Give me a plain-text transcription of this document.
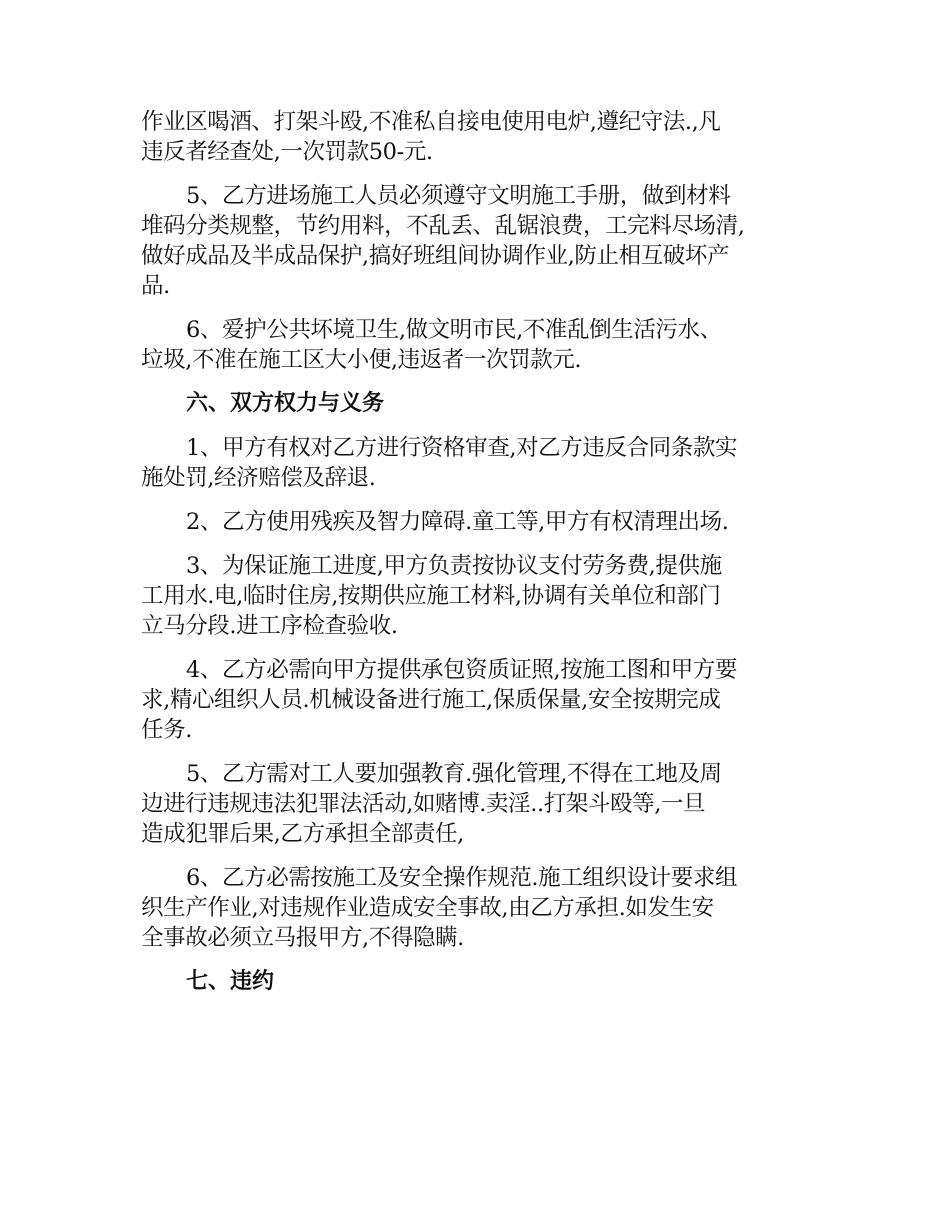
作业区喝酒、打架斗殴,不准私自接电使用电炉,遵纪守法.,凡
违反者经查处,一次罚款50-元.

5、乙方进场施工人员必须遵守文明施工手册，做到材料
堆码分类规整，节约用料，不乱丢、乱锯浪费，工完料尽场清,
做好成品及半成品保护,搞好班组间协调作业,防止相互破坏产
品.

6、爱护公共坏境卫生,做文明市民,不准乱倒生活污水、
垃圾,不准在施工区大小便,违返者一次罚款元.

六、双方权力与义务

1、甲方有权对乙方进行资格审查,对乙方违反合同条款实
施处罚,经济赔偿及辞退.

2、乙方使用残疾及智力障碍.童工等,甲方有权清理出场.

3、为保证施工进度,甲方负责按协议支付劳务费,提供施
工用水.电,临时住房,按期供应施工材料,协调有关单位和部门
立马分段.进工序检查验收.

4、乙方必需向甲方提供承包资质证照,按施工图和甲方要
求,精心组织人员.机械设备进行施工,保质保量,安全按期完成
任务.

5、乙方需对工人要加强教育.强化管理,不得在工地及周
边进行违规违法犯罪法活动,如赌博.卖淫..打架斗殴等,一旦
造成犯罪后果,乙方承担全部责任,

6、乙方必需按施工及安全操作规范.施工组织设计要求组
织生产作业,对违规作业造成安全事故,由乙方承担.如发生安
全事故必须立马报甲方,不得隐瞒.

七、违约
